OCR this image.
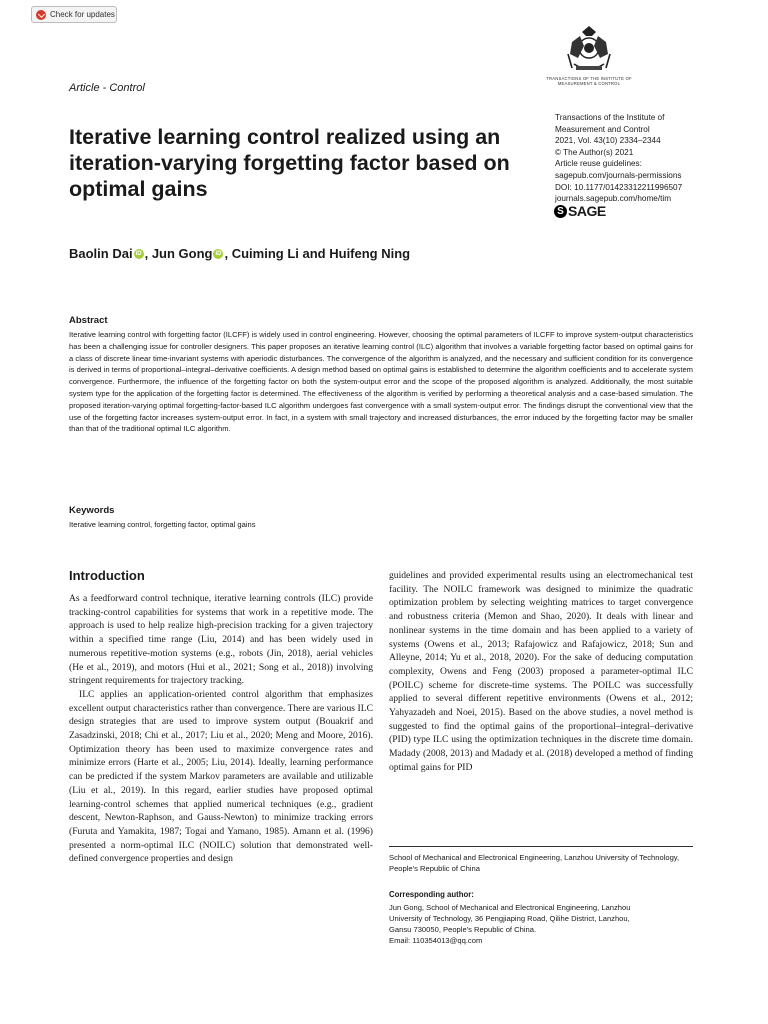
Check for updates
TRANSACTIONS OF THE INSTITUTE OF MEASUREMENT & CONTROL
Article - Control
Iterative learning control realized using an iteration-varying forgetting factor based on optimal gains
Transactions of the Institute of
Measurement and Control
2021, Vol. 43(10) 2334–2344
© The Author(s) 2021
Article reuse guidelines:
sagepub.com/journals-permissions
DOI: 10.1177/01423312211996507
journals.sagepub.com/home/tim
S SAGE
Baolin Dai iD , Jun Gong iD , Cuiming Li and Huifeng Ning
Abstract

Iterative learning control with forgetting factor (ILCFF) is widely used in control engineering. However, choosing the optimal parameters of ILCFF to improve system-output characteristics has been a challenging issue for controller designers. This paper proposes an iterative learning control (ILC) algorithm that involves a variable forgetting factor based on optimal gains for a class of discrete linear time-invariant systems with aperiodic disturbances. The convergence of the algorithm is analyzed, and the necessary and sufficient condition for its convergence is derived in terms of proportional–integral–derivative coefficients. A design method based on optimal gains is established to determine the algorithm coefficients and to accelerate system convergence. Furthermore, the influence of the forgetting factor on both the system-output error and the scope of the proposed algorithm is analyzed. Additionally, the most suitable system type for the application of the forgetting factor is determined. The effectiveness of the algorithm is verified by performing a theoretical analysis and a case-based simulation. The proposed iteration-varying optimal forgetting-factor-based ILC algorithm undergoes fast convergence with a small system-output error. The findings disrupt the conventional view that the use of the forgetting factor increases system-output error. In fact, in a system with small trajectory and increased disturbances, the error induced by the forgetting factor may be smaller than that of the traditional optimal ILC algorithm.

Keywords
Iterative learning control, forgetting factor, optimal gains
Introduction

As a feedforward control technique, iterative learning controls (ILC) provide tracking-control capabilities for systems that work in a repetitive mode. The approach is used to help realize high-precision tracking for a given trajectory within a specified time range (Liu, 2014) and has been widely used in numerous repetitive-motion systems (e.g., robots (Jin, 2018), aerial vehicles (He et al., 2019), and motors (Hui et al., 2021; Song et al., 2018)) involving stringent requirements for trajectory tracking.

ILC applies an application-oriented control algorithm that emphasizes excellent output characteristics rather than convergence. There are various ILC design strategies that are used to improve system output (Bouakrif and Zasadzinski, 2018; Chi et al., 2017; Liu et al., 2020; Meng and Moore, 2016). Optimization theory has been used to maximize convergence rates and minimize errors (Harte et al., 2005; Liu, 2014). Ideally, learning performance can be predicted if the system Markov parameters are available and utilizable (Liu et al., 2019). In this regard, earlier studies have proposed optimal learning-control schemes that applied numerical techniques (e.g., gradient descent, Newton-Raphson, and Gauss-Newton) to minimize tracking errors (Furuta and Yamakita, 1987; Togai and Yamano, 1985). Amann et al. (1996) presented a norm-optimal ILC (NOILC) solution that demonstrated well-defined convergence properties and design

guidelines and provided experimental results using an electromechanical test facility. The NOILC framework was designed to minimize the quadratic optimization problem by selecting weighting matrices to target convergence and robustness criteria (Memon and Shao, 2020). It deals with linear and nonlinear systems in the time domain and has been applied to a variety of systems (Owens et al., 2013; Rafajowicz and Rafajowicz, 2018; Sun and Alleyne, 2014; Yu et al., 2018, 2020). For the sake of deducing computation complexity, Owens and Feng (2003) proposed a parameter-optimal ILC (POILC) scheme for discrete-time systems. The POILC was successfully applied to several different repetitive environments (Owens et al., 2012; Yahyazadeh and Noei, 2015). Based on the above studies, a novel method is suggested to find the optimal gains of the proportional–integral–derivative (PID) type ILC using the optimization techniques in the discrete time domain. Madady (2008, 2013) and Madady et al. (2018) developed a method of finding optimal gains for PID

School of Mechanical and Electronical Engineering, Lanzhou University of Technology, People's Republic of China
Corresponding author:
Jun Gong, School of Mechanical and Electronical Engineering, Lanzhou
University of Technology, 36 Pengjiaping Road, Qilihe District, Lanzhou,
Gansu 730050, People's Republic of China.
Email: 110354013@qq.com
